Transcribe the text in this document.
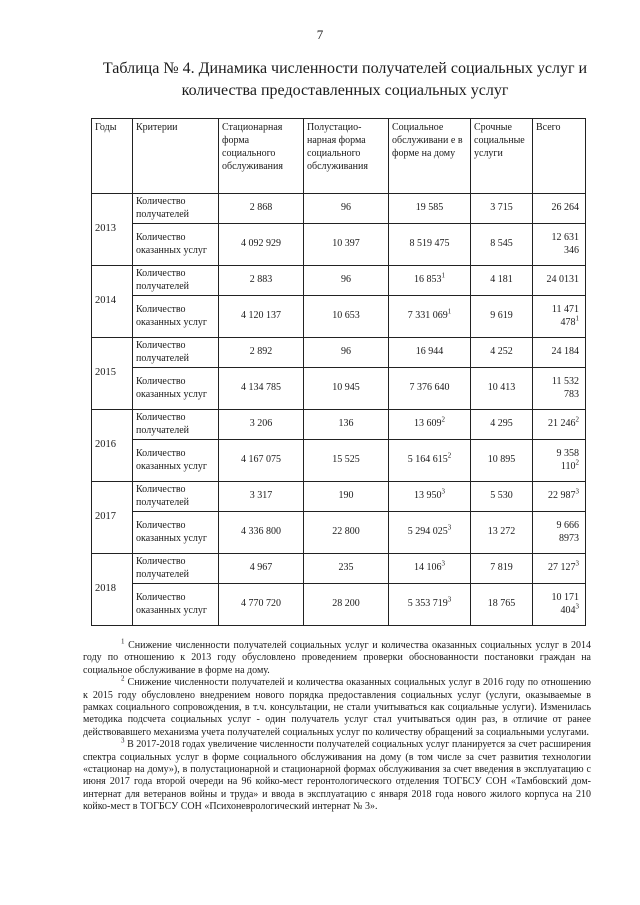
7
Таблица № 4. Динамика численности получателей социальных услуг и
количества предоставленных социальных услуг
Годы	Критерии	Стационарная форма социального обслуживания	Полустацио-нарная форма социального обслуживания	Социальное обслуживани е в форме на дому	Срочные социальные услуги	Всего
2013	Количество получателей	2 868	96	19 585	3 715	26 264
	Количество оказанных услуг	4 092 929	10 397	8 519 475	8 545	12 631 346
2014	Количество получателей	2 883	96	16 $853^1$	4 181	24 0131
	Количество оказанных услуг	4 120 137	10 653	7 331 $069^1$	9 619	11 471 $478^1$
2015	Количество получателей	2 892	96	16 944	4 252	24 184
	Количество оказанных услуг	4 134 785	10 945	7 376 640	10 413	11 532 783
2016	Количество получателей	3 206	136	13 $609^2$	4 295	21 $246^2$
	Количество оказанных услуг	4 167 075	15 525	5 164 $615^2$	10 895	9 358 $110^2$
2017	Количество получателей	3 317	190	13 $950^3$	5 530	22 $987^3$
	Количество оказанных услуг	4 336 800	22 800	5 294 $025^3$	13 272	9 666 8973
2018	Количество получателей	4 967	235	14 $106^3$	7 819	27 $127^3$
	Количество оказанных услуг	4 770 720	28 200	5 353 $719^3$	18 765	10 171 $404^3$

$^1$ Снижение численности получателей социальных услуг и количества оказанных социальных услуг в 2014 году по отношению к 2013 году обусловлено проведением проверки обоснованности постановки граждан на социальное обслуживание в форме на дому.

$^2$ Снижение численности получателей и количества оказанных социальных услуг в 2016 году по отношению к 2015 году обусловлено внедрением нового порядка предоставления социальных услуг (услуги, оказываемые в рамках социального сопровождения, в т.ч. консультации, не стали учитываться как социальные услуги). Изменилась методика подсчета социальных услуг - один получатель услуг стал учитываться один раз, в отличие от ранее действовавшего механизма учета получателей социальных услуг по количеству обращений за социальными услугами.

$^3$ В 2017-2018 годах увеличение численности получателей социальных услуг планируется за счет расширения спектра социальных услуг в форме социального обслуживания на дому (в том числе за счет развития технологии «стационар на дому»), в полустационарной и стационарной формах обслуживания за счет введения в эксплуатацию с июня 2017 года второй очереди на 96 койко-мест геронтологического отделения ТОГБСУ СОН «Тамбовский дом-интернат для ветеранов войны и труда» и ввода в эксплуатацию с января 2018 года нового жилого корпуса на 210 койко-мест в ТОГБСУ СОН «Психоневрологический интернат № 3».
